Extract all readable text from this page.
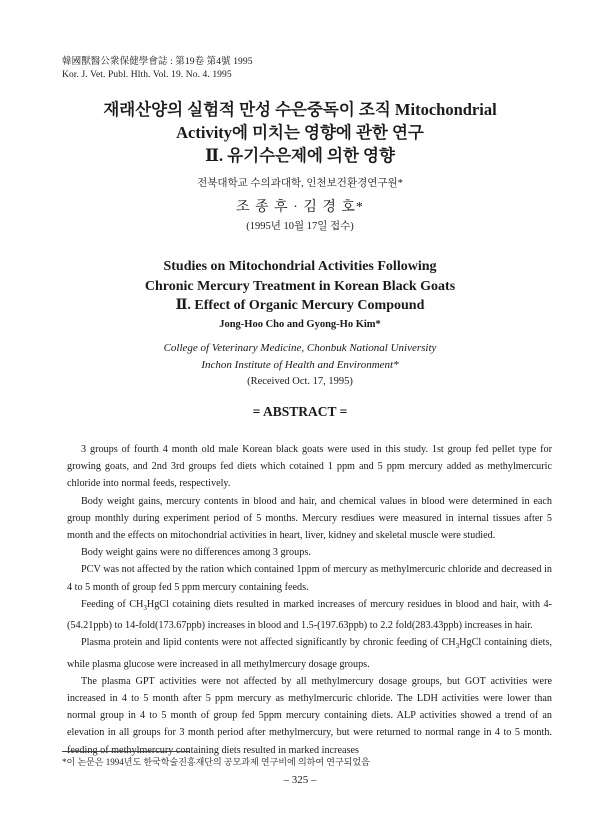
韓國獸醫公衆保健學會誌 : 第19卷 第4號 1995
Kor. J. Vet. Publ. Hlth. Vol. 19. No. 4. 1995
재래산양의 실험적 만성 수은중독이 조직 Mitochondrial
Activity에 미치는 영향에 관한 연구
Ⅱ. 유기수은제에 의한 영향
전북대학교 수의과대학, 인천보건환경연구원*
조 종 후 · 김 경 호*
(1995년 10월 17일 접수)
Studies on Mitochondrial Activities Following
Chronic Mercury Treatment in Korean Black Goats
Ⅱ. Effect of Organic Mercury Compound
Jong-Hoo Cho and Gyong-Ho Kim*
College of Veterinary Medicine, Chonbuk National University
Inchon Institute of Health and Environment*
(Received Oct. 17, 1995)
= ABSTRACT =

3 groups of fourth 4 month old male Korean black goats were used in this study. 1st group fed pellet type for growing goats, and 2nd 3rd groups fed diets which cotained 1 ppm and 5 ppm mercury added as methylmercuric chloride into normal feeds, respectively.

Body weight gains, mercury contents in blood and hair, and chemical values in blood were determined in each group monthly during experiment period of 5 months. Mercury resdiues were measured in internal tissues after 5 month and the effects on mitochondrial activities in heart, liver, kidney and skeletal muscle were studied.

Body weight gains were no differences among 3 groups.

PCV was not affected by the ration which contained 1ppm of mercury as methylmercuric chloride and decreased in 4 to 5 month of group fed 5 ppm mercury containing feeds.

Feeding of $CH_3HgCl$ cotaining diets resulted in marked increases of mercury residues in blood and hair, with 4-(54.21ppb) to 14-fold(173.67ppb) increases in blood and 1.5-(197.63ppb) to 2.2 fold(283.43ppb) increases in hair.

Plasma protein and lipid contents were not affected significantly by chronic feeding of $CH_3HgCl$ containing diets, while plasma glucose were increased in all methylmercury dosage groups.

The plasma GPT activities were not affected by all methylmercury dosage groups, but GOT activities were increased in 4 to 5 month after 5 ppm mercury as methylmercuric chloride. The LDH activities were lower than normal group in 4 to 5 month of group fed 5ppm mercury containing diets. ALP activities showed a trend of an elevation in all groups for 3 month period after methylmercury, but were returned to normal range in 4 to 5 month. feeding of methylmercury containing diets resulted in marked increases

*이 논문은 1994년도 한국학술진흥재단의 공모과제 연구비에 의하여 연구되었음
– 325 –
